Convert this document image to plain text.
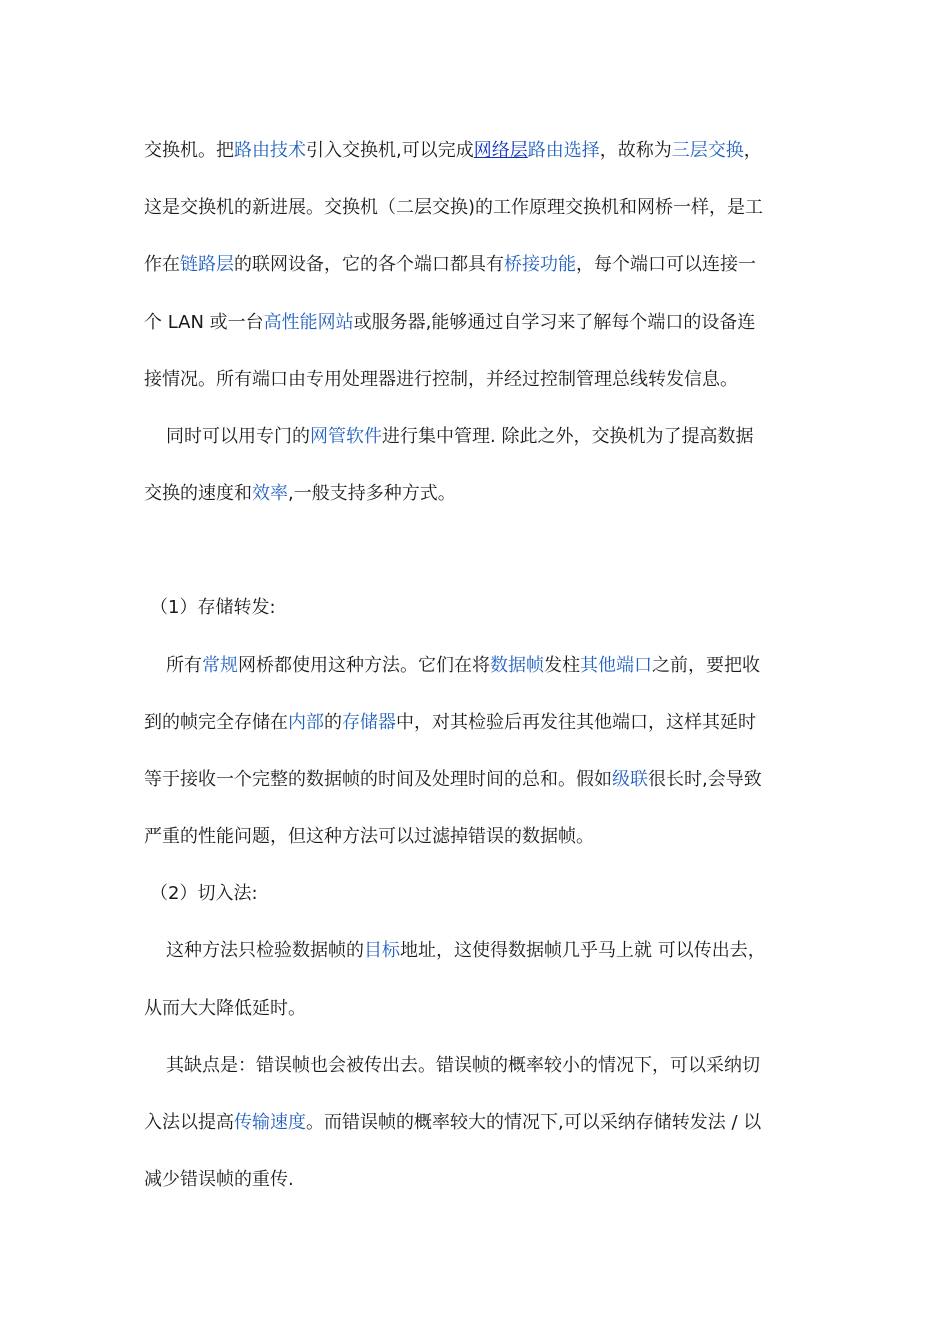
交换机。把路由技术引入交换机,可以完成网络层路由选择，故称为三层交换，
这是交换机的新进展。交换机（二层交换)的工作原理交换机和网桥一样，是工
作在链路层的联网设备，它的各个端口都具有桥接功能，每个端口可以连接一
个 LAN 或一台高性能网站或服务器,能够通过自学习来了解每个端口的设备连
接情况。所有端口由专用处理器进行控制，并经过控制管理总线转发信息。
同时可以用专门的网管软件进行集中管理. 除此之外，交换机为了提高数据
交换的速度和效率,一般支持多种方式。
（1）存储转发:
所有常规网桥都使用这种方法。它们在将数据帧发柱其他端口之前，要把收
到的帧完全存储在内部的存储器中，对其检验后再发往其他端口，这样其延时
等于接收一个完整的数据帧的时间及处理时间的总和。假如级联很长时,会导致
严重的性能问题，但这种方法可以过滤掉错误的数据帧。
（2）切入法:
这种方法只检验数据帧的目标地址，这使得数据帧几乎马上就 可以传出去，
从而大大降低延时。
其缺点是：错误帧也会被传出去。错误帧的概率较小的情况下，可以采纳切
入法以提高传输速度。而错误帧的概率较大的情况下,可以采纳存储转发法 / 以
减少错误帧的重传.
